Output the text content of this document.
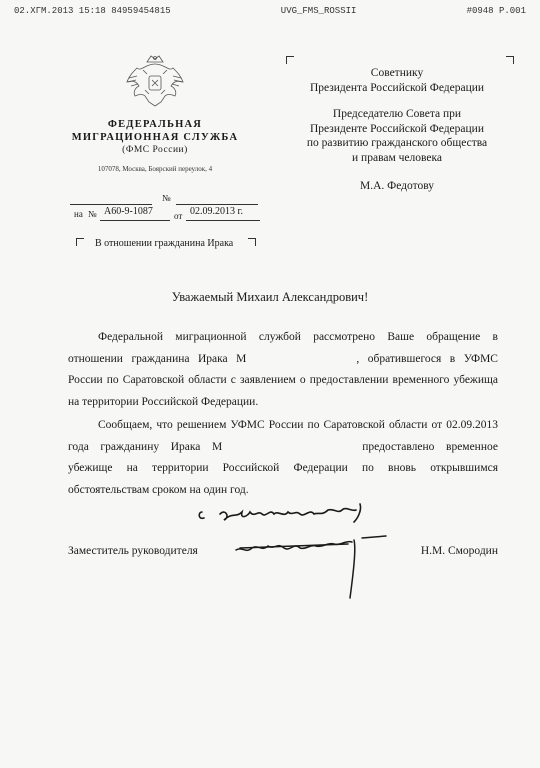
02.ХГМ.2013 15:18 84959454815	UVG_FMS_ROSSII	#0948 P.001
ФЕДЕРАЛЬНАЯ
МИГРАЦИОННАЯ СЛУЖБА
(ФМС России)
107078, Москва, Боярский переулок, 4
№
на № А60-9-1087 от 02.09.2013 г.
В отношении гражданина Ирака
Советнику
Президента Российской Федерации
Председателю Совета при
Президенте Российской Федерации
по развитию гражданского общества
и правам человека
М.А. Федотову
Уважаемый Михаил Александрович!

Федеральной миграционной службой рассмотрено Ваше обращение в отношении гражданина Ирака М	, обратившегося в УФМС России по Саратовской области с заявлением о предоставлении временного убежища на территории Российской Федерации.

Сообщаем, что решением УФМС России по Саратовской области от 02.09.2013 года гражданину Ирака М	предоставлено временное убежище на территории Российской Федерации по вновь открывшимся обстоятельствам сроком на один год.

Заместитель руководителя	Н.М. Смородин
